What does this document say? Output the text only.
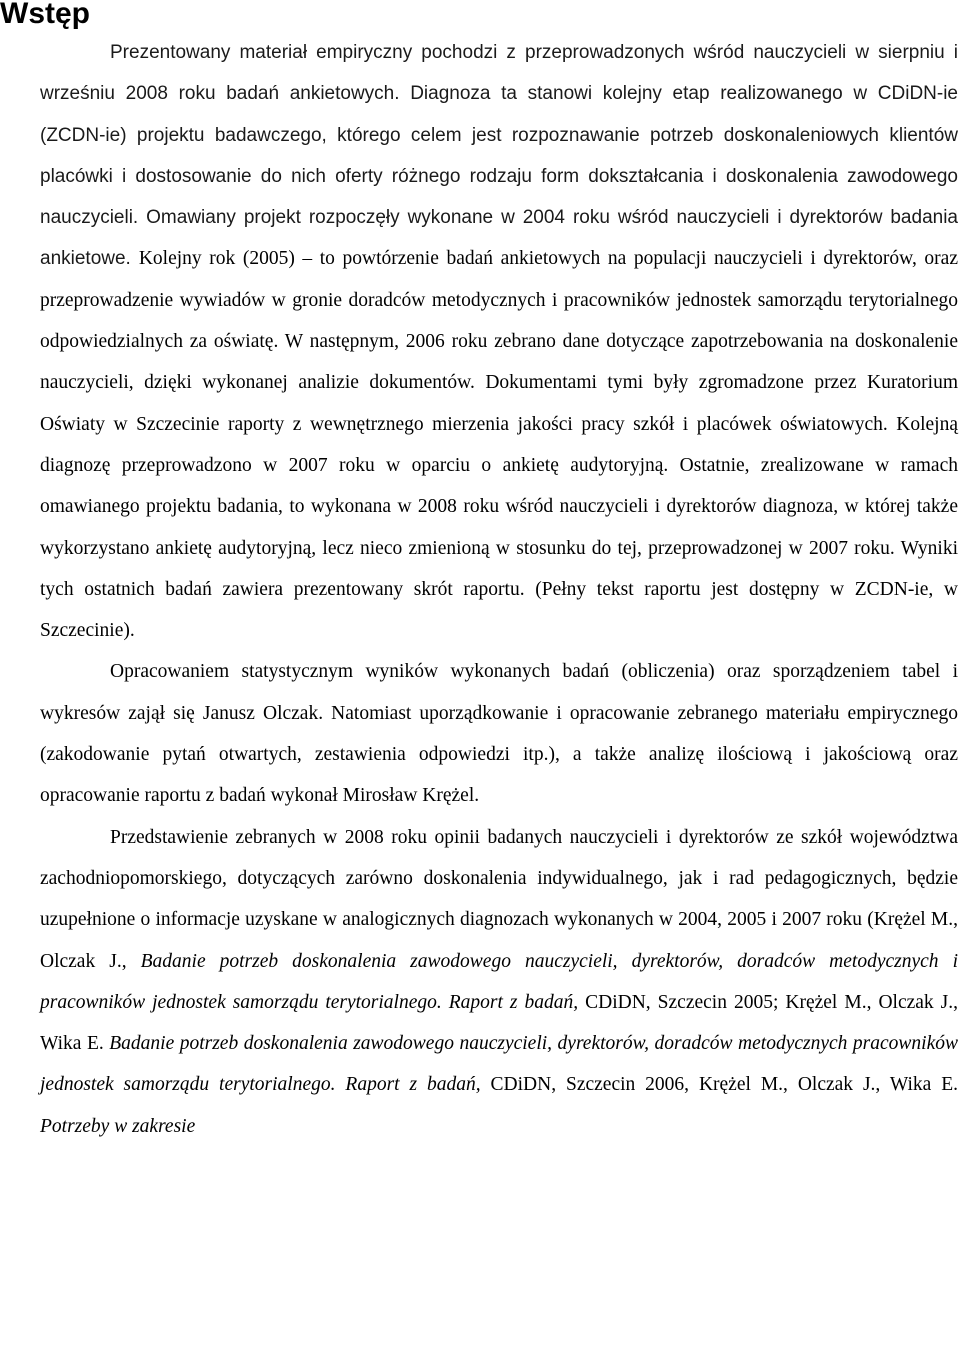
Wstęp

Prezentowany materiał empiryczny pochodzi z przeprowadzonych wśród nauczycieli w sierpniu i wrześniu 2008 roku badań ankietowych. Diagnoza ta stanowi kolejny etap realizowanego w CDiDN-ie (ZCDN-ie) projektu badawczego, którego celem jest rozpoznawanie potrzeb doskonaleniowych klientów placówki i dostosowanie do nich oferty różnego rodzaju form dokształcania i doskonalenia zawodowego nauczycieli. Omawiany projekt rozpoczęły wykonane w 2004 roku wśród nauczycieli i dyrektorów badania ankietowe. Kolejny rok (2005) – to powtórzenie badań ankietowych na populacji nauczycieli i dyrektorów, oraz przeprowadzenie wywiadów w gronie doradców metodycznych i pracowników jednostek samorządu terytorialnego odpowiedzialnych za oświatę. W następnym, 2006 roku zebrano dane dotyczące zapotrzebowania na doskonalenie nauczycieli, dzięki wykonanej analizie dokumentów. Dokumentami tymi były zgromadzone przez Kuratorium Oświaty w Szczecinie raporty z wewnętrznego mierzenia jakości pracy szkół i placówek oświatowych. Kolejną diagnozę przeprowadzono w 2007 roku w oparciu o ankietę audytoryjną. Ostatnie, zrealizowane w ramach omawianego projektu badania, to wykonana w 2008 roku wśród nauczycieli i dyrektorów diagnoza, w której także wykorzystano ankietę audytoryjną, lecz nieco zmienioną w stosunku do tej, przeprowadzonej w 2007 roku. Wyniki tych ostatnich badań zawiera prezentowany skrót raportu. (Pełny tekst raportu jest dostępny w ZCDN-ie, w Szczecinie).

Opracowaniem statystycznym wyników wykonanych badań (obliczenia) oraz sporządzeniem tabel i wykresów zajął się Janusz Olczak. Natomiast uporządkowanie i opracowanie zebranego materiału empirycznego (zakodowanie pytań otwartych, zestawienia odpowiedzi itp.), a także analizę ilościową i jakościową oraz opracowanie raportu z badań wykonał Mirosław Krężel.

Przedstawienie zebranych w 2008 roku opinii badanych nauczycieli i dyrektorów ze szkół województwa zachodniopomorskiego, dotyczących zarówno doskonalenia indywidualnego, jak i rad pedagogicznych, będzie uzupełnione o informacje uzyskane w analogicznych diagnozach wykonanych w 2004, 2005 i 2007 roku (Krężel M., Olczak J., Badanie potrzeb doskonalenia zawodowego nauczycieli, dyrektorów, doradców metodycznych i pracowników jednostek samorządu terytorialnego. Raport z badań, CDiDN, Szczecin 2005; Krężel M., Olczak J., Wika E. Badanie potrzeb doskonalenia zawodowego nauczycieli, dyrektorów, doradców metodycznych pracowników jednostek samorządu terytorialnego. Raport z badań, CDiDN, Szczecin 2006, Krężel M., Olczak J., Wika E. Potrzeby w zakresie
